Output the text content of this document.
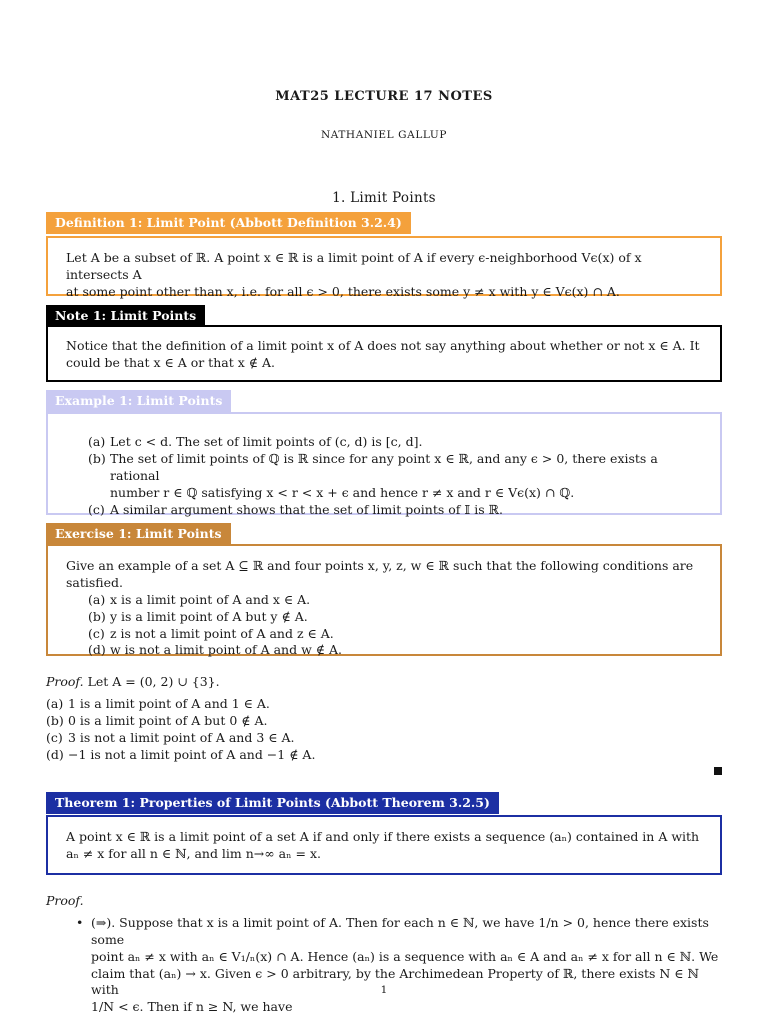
MAT25 LECTURE 17 NOTES
NATHANIEL GALLUP
1. Limit Points
Definition 1: Limit Point (Abbott Definition 3.2.4)
Let A be a subset of ℝ. A point x ∈ ℝ is a limit point of A if every ϵ-neighborhood Vϵ(x) of x intersects A
at some point other than x, i.e. for all ϵ > 0, there exists some y ≠ x with y ∈ Vϵ(x) ∩ A.
Note 1: Limit Points
Notice that the definition of a limit point x of A does not say anything about whether or not x ∈ A. It
could be that x ∈ A or that x ∉ A.
Example 1: Limit Points
(a) Let c < d. The set of limit points of (c, d) is [c, d].
(b) The set of limit points of ℚ is ℝ since for any point x ∈ ℝ, and any ϵ > 0, there exists a rational
number r ∈ ℚ satisfying x < r < x + ϵ and hence r ≠ x and r ∈ Vϵ(x) ∩ ℚ.
(c) A similar argument shows that the set of limit points of 𝕀 is ℝ.
Exercise 1: Limit Points
Give an example of a set A ⊆ ℝ and four points x, y, z, w ∈ ℝ such that the following conditions are satisfied.
(a) x is a limit point of A and x ∈ A.
(b) y is a limit point of A but y ∉ A.
(c) z is not a limit point of A and z ∈ A.
(d) w is not a limit point of A and w ∉ A.
Proof. Let A = (0, 2) ∪ {3}.
(a) 1 is a limit point of A and 1 ∈ A.
(b) 0 is a limit point of A but 0 ∉ A.
(c) 3 is not a limit point of A and 3 ∈ A.
(d) −1 is not a limit point of A and −1 ∉ A.
Theorem 1: Properties of Limit Points (Abbott Theorem 3.2.5)
A point x ∈ ℝ is a limit point of a set A if and only if there exists a sequence (aₙ) contained in A with
aₙ ≠ x for all n ∈ ℕ, and lim n→∞ aₙ = x.
Proof.
• (⇒). Suppose that x is a limit point of A. Then for each n ∈ ℕ, we have 1/n > 0, hence there exists some
point aₙ ≠ x with aₙ ∈ V₁/ₙ(x) ∩ A. Hence (aₙ) is a sequence with aₙ ∈ A and aₙ ≠ x for all n ∈ ℕ. We
claim that (aₙ) → x. Given ϵ > 0 arbitrary, by the Archimedean Property of ℝ, there exists N ∈ ℕ with
1/N < ϵ. Then if n ≥ N, we have
1
